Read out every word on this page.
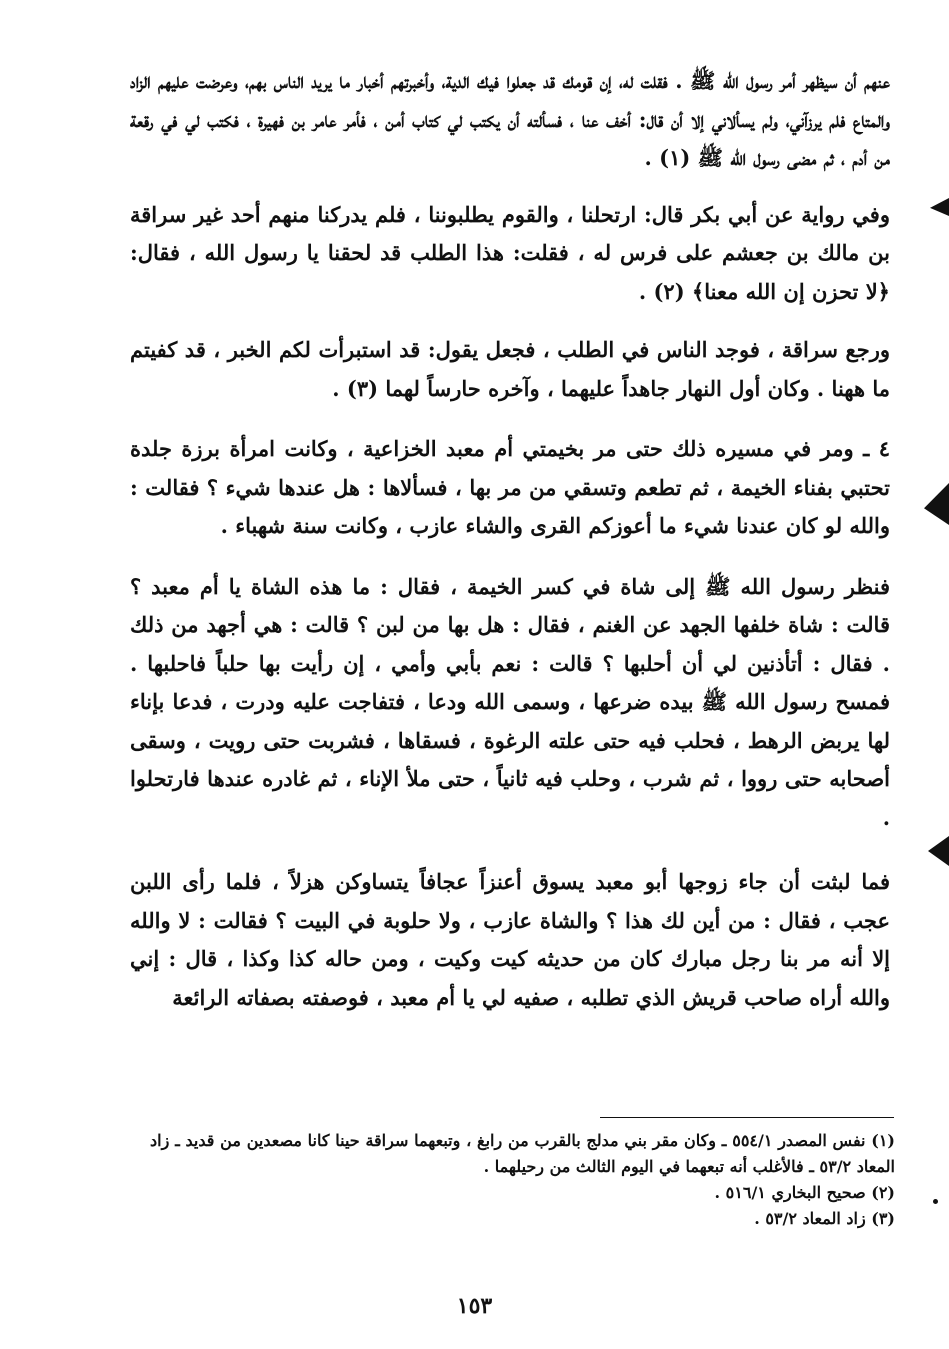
عنهم أن سيظهر أمر رسول الله ﷺ . فقلت له، إن قومك قد جعلوا فيك الدية، وأخبرتهم أخبار ما يريد الناس بهم، وعرضت عليهم الزاد والمتاع فلم يرزآني، ولم يسألاني إلا أن قال: أخف عنا ، فسألته أن يكتب لي كتاب أمن ، فأمر عامر بن فهيرة ، فكتب لي في رقعة من أدم ، ثم مضى رسول الله ﷺ (١) .

وفي رواية عن أبي بكر قال: ارتحلنا ، والقوم يطلبوننا ، فلم يدركنا منهم أحد غير سراقة بن مالك بن جعشم على فرس له ، فقلت: هذا الطلب قد لحقنا يا رسول الله ، فقال: ﴿لا تحزن إن الله معنا﴾ (٢) .

ورجع سراقة ، فوجد الناس في الطلب ، فجعل يقول: قد استبرأت لكم الخبر ، قد كفيتم ما ههنا . وكان أول النهار جاهداً عليهما ، وآخره حارساً لهما (٣) .

٤ ـ ومر في مسيره ذلك حتى مر بخيمتي أم معبد الخزاعية ، وكانت امرأة برزة جلدة تحتبي بفناء الخيمة ، ثم تطعم وتسقي من مر بها ، فسألاها : هل عندها شيء ؟ فقالت : والله لو كان عندنا شيء ما أعوزكم القرى والشاء عازب ، وكانت سنة شهباء .

فنظر رسول الله ﷺ إلى شاة في كسر الخيمة ، فقال : ما هذه الشاة يا أم معبد ؟ قالت : شاة خلفها الجهد عن الغنم ، فقال : هل بها من لبن ؟ قالت : هي أجهد من ذلك . فقال : أتأذنين لي أن أحلبها ؟ قالت : نعم بأبي وأمي ، إن رأيت بها حلباً فاحلبها . فمسح رسول الله ﷺ بيده ضرعها ، وسمى الله ودعا ، فتفاجت عليه ودرت ، فدعا بإناء لها يربض الرهط ، فحلب فيه حتى علته الرغوة ، فسقاها ، فشربت حتى رويت ، وسقى أصحابه حتى رووا ، ثم شرب ، وحلب فيه ثانياً ، حتى ملأ الإناء ، ثم غادره عندها فارتحلوا .

فما لبثت أن جاء زوجها أبو معبد يسوق أعنزاً عجافاً يتساوكن هزلاً ، فلما رأى اللبن عجب ، فقال : من أين لك هذا ؟ والشاة عازب ، ولا حلوبة في البيت ؟ فقالت : لا والله إلا أنه مر بنا رجل مبارك كان من حديثه كيت وكيت ، ومن حاله كذا وكذا ، قال : إني والله أراه صاحب قريش الذي تطلبه ، صفيه لي يا أم معبد ، فوصفته بصفاته الرائعة

(١) نفس المصدر ٥٥٤/١ ـ وكان مقر بني مدلج بالقرب من رابغ ، وتبعهما سراقة حينا كانا مصعدين من قديد ـ زاد المعاد ٥٣/٢ ـ فالأغلب أنه تبعهما في اليوم الثالث من رحيلهما .

(٢) صحيح البخاري ٥١٦/١ .

(٣) زاد المعاد ٥٣/٢ .

١٥٣
